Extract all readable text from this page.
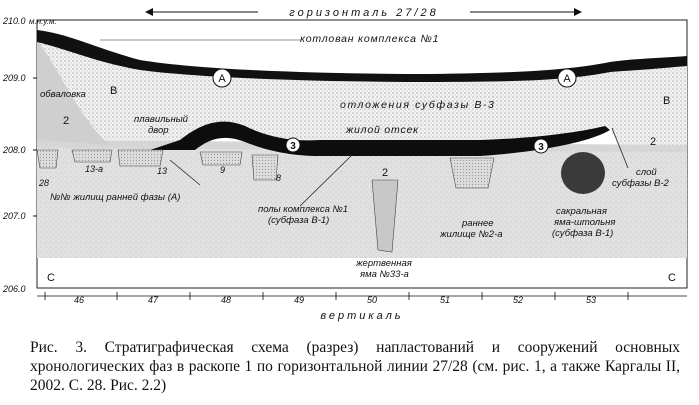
А	А
3	3
В
В
2
2
2
С	С
13-а	13	9
8
28
котлован комплекса №1
обваловка
отложения субфазы В-3
плавильный
двор	жилой отсек
№№ жилищ ранней фазы (А)
полы комплекса №1
(субфаза В-1)
жертвенная
яма №33-а
раннее
жилище №2-а
сакральная
яма-штольня
(субфаза В-1)
слой
субфазы В-2
горизонталь 27/28
210.0 м.н.у.м.
209.0
208.0
207.0
206.0
46	47	48	49	50	51	52	53
вертикаль
Рис. 3. Стратиграфическая схема (разрез) напластований и сооружений основных хронологических фаз в раскопе 1 по горизонтальной линии 27/28 (см. рис. 1, а также Каргалы II, 2002. С. 28. Рис. 2.2)
